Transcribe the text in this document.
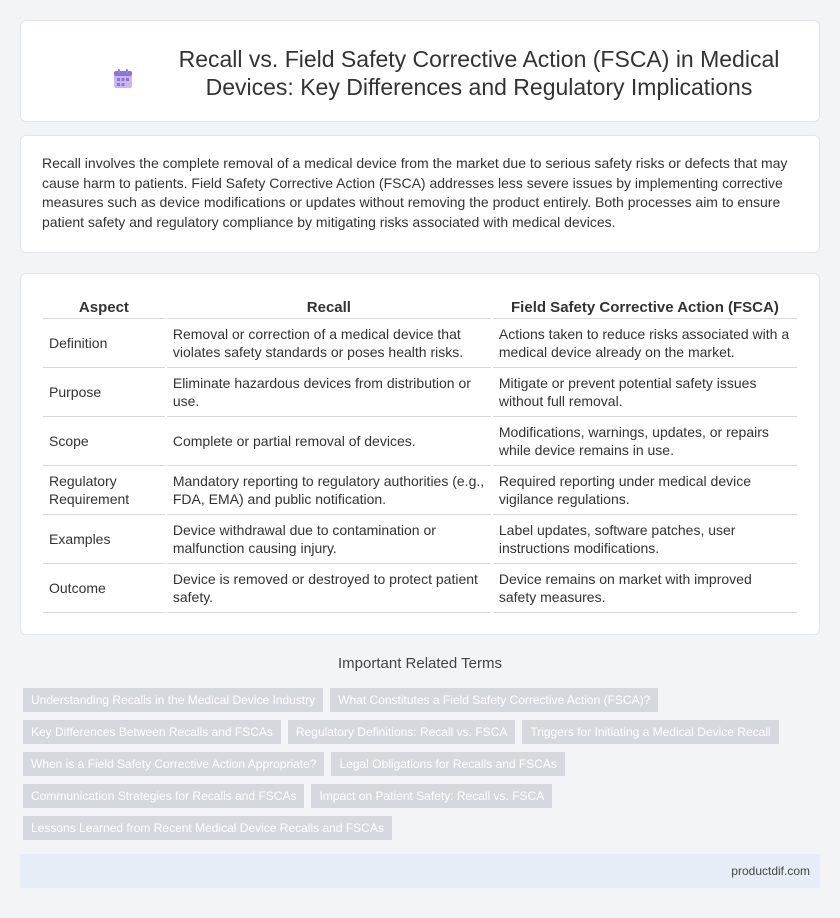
Recall vs. Field Safety Corrective Action (FSCA) in Medical Devices: Key Differences and Regulatory Implications

Recall involves the complete removal of a medical device from the market due to serious safety risks or defects that may cause harm to patients. Field Safety Corrective Action (FSCA) addresses less severe issues by implementing corrective measures such as device modifications or updates without removing the product entirely. Both processes aim to ensure patient safety and regulatory compliance by mitigating risks associated with medical devices.

Aspect	Recall	Field Safety Corrective Action (FSCA)
Definition	Removal or correction of a medical device that violates safety standards or poses health risks.	Actions taken to reduce risks associated with a medical device already on the market.
Purpose	Eliminate hazardous devices from distribution or use.	Mitigate or prevent potential safety issues without full removal.
Scope	Complete or partial removal of devices.	Modifications, warnings, updates, or repairs while device remains in use.
Regulatory Requirement	Mandatory reporting to regulatory authorities (e.g., FDA, EMA) and public notification.	Required reporting under medical device vigilance regulations.
Examples	Device withdrawal due to contamination or malfunction causing injury.	Label updates, software patches, user instructions modifications.
Outcome	Device is removed or destroyed to protect patient safety.	Device remains on market with improved safety measures.
Important Related Terms
Understanding Recalls in the Medical Device Industry	What Constitutes a Field Safety Corrective Action (FSCA)?
Key Differences Between Recalls and FSCAs	Regulatory Definitions: Recall vs. FSCA	Triggers for Initiating a Medical Device Recall
When is a Field Safety Corrective Action Appropriate?	Legal Obligations for Recalls and FSCAs
Communication Strategies for Recalls and FSCAs	Impact on Patient Safety: Recall vs. FSCA
Lessons Learned from Recent Medical Device Recalls and FSCAs
productdif.com
